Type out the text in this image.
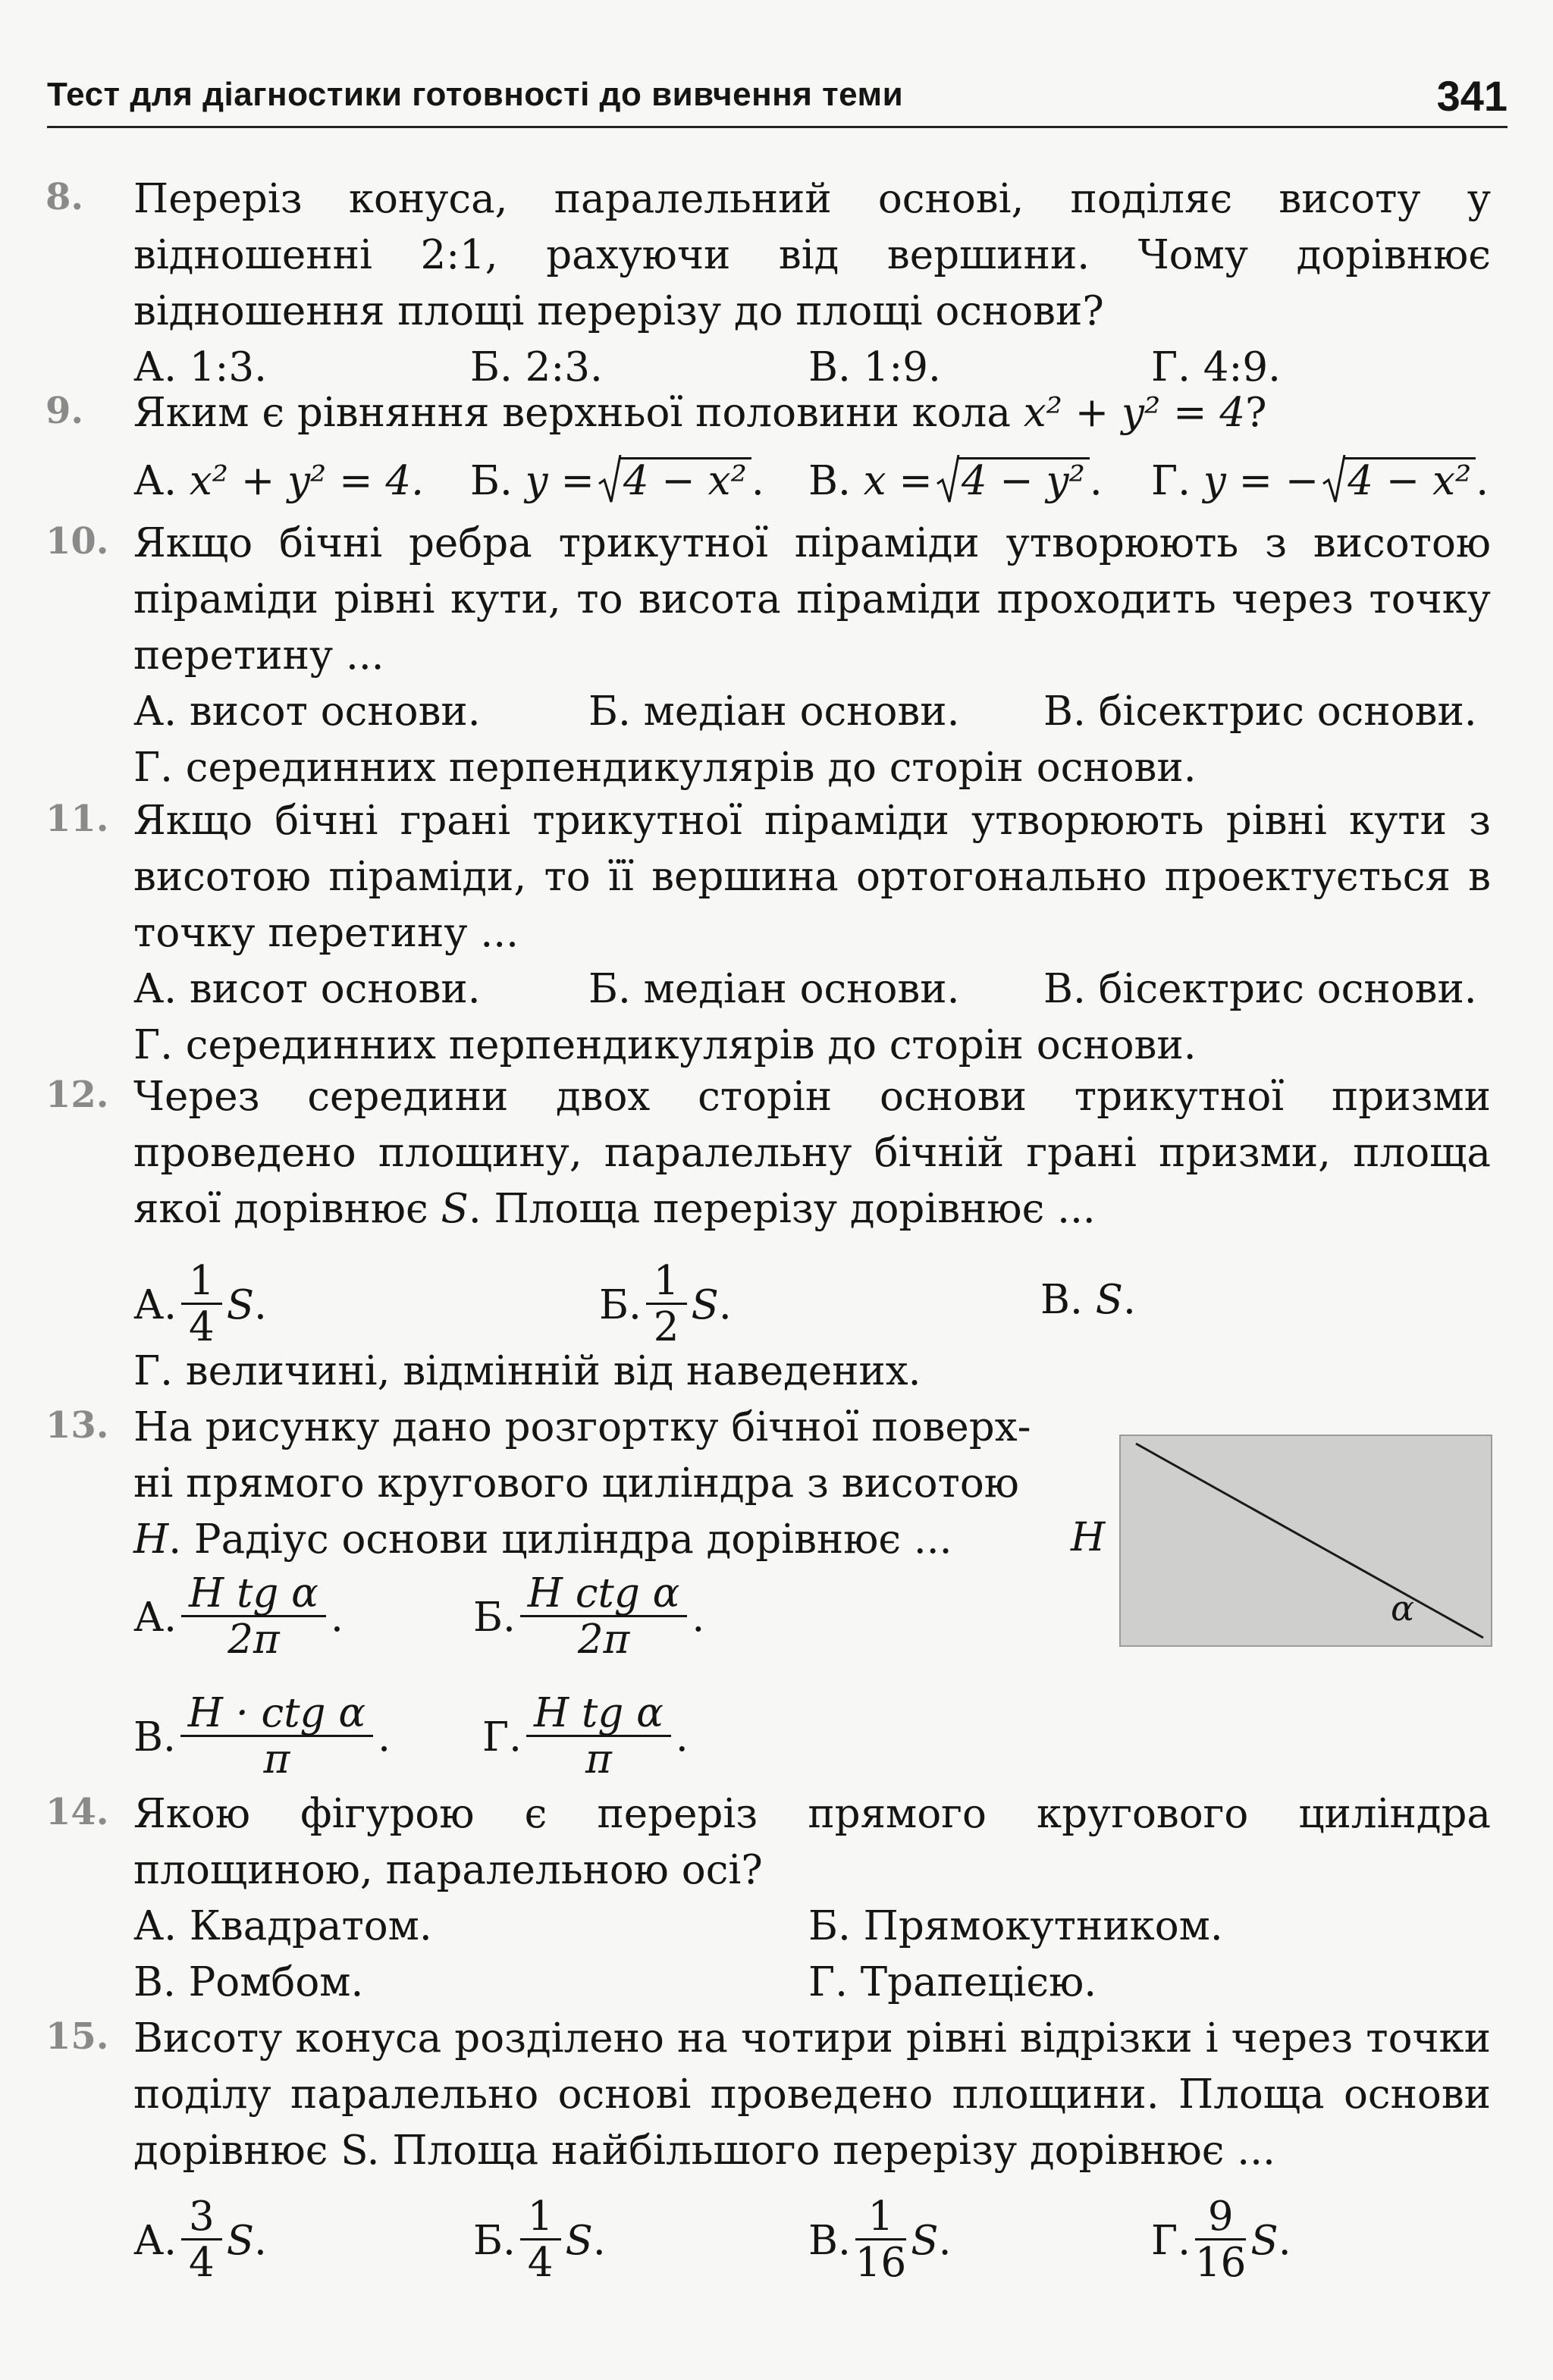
Тест для діагностики готовності до вивчення теми	341
8.	Переріз конуса, паралельний основі, поділяє висоту у відношенні 2:1, рахуючи від вершини. Чому дорівнює відношення площі перерізу до площі основи?
А. 1:3.	Б. 2:3.	В. 1:9.	Г. 4:9.
9.	Яким є рівняння верхньої половини кола x² + y² = 4?
А. x² + y² = 4. Б. y = 4 − x² . В. x = 4 − y² . Г. y = − 4 − x² .
10. Якщо бічні ребра трикутної піраміди утворюють з висотою піраміди рівні кути, то висота піраміди проходить через точку перетину ...
А. висот основи.	Б. медіан основи. В. бісектрис основи.
Г. серединних перпендикулярів до сторін основи.
11. Якщо бічні грані трикутної піраміди утворюють рівні кути з висотою піраміди, то її вершина ортогонально проектується в точку перетину ...
А. висот основи.	Б. медіан основи. В. бісектрис основи.
Г. серединних перпендикулярів до сторін основи.
12. Через середини двох сторін основи трикутної призми проведено площину, паралельну бічній грані призми, площа якої дорівнює S. Площа перерізу дорівнює ...
А. $\frac{1}{4} S$.	Б. $\frac{1}{2} S$.	В. S.
Г. величині, відмінній від наведених.
13. На рисунку дано розгортку бічної поверх-
ні прямого кругового циліндра з висотою
H. Радіус основи циліндра дорівнює ...
А. $\frac{\text{H tg α}}{2\pi}$ .	Б. $\frac{\text{H ctg α}}{2\pi}$ .
В. $\frac{\text{H · ctg α}}{\pi}$ . Г. $\frac{\text{H tg α}}{\pi}$ .
H
α
14. Якою фігурою є переріз прямого кругового циліндра площиною, паралельною осі?
А. Квадратом.	Б. Прямокутником.
В. Ромбом.	Г. Трапецією.
15. Висоту конуса розділено на чотири рівні відрізки і через точки поділу паралельно основі проведено площини. Площа основи дорівнює S. Площа найбільшого перерізу дорівнює ...
А. $\frac{3}{4} S$.	Б. $\frac{1}{4} S$.	В. $\frac{1}{16} S$.	Г. $\frac{9}{16} S$.
